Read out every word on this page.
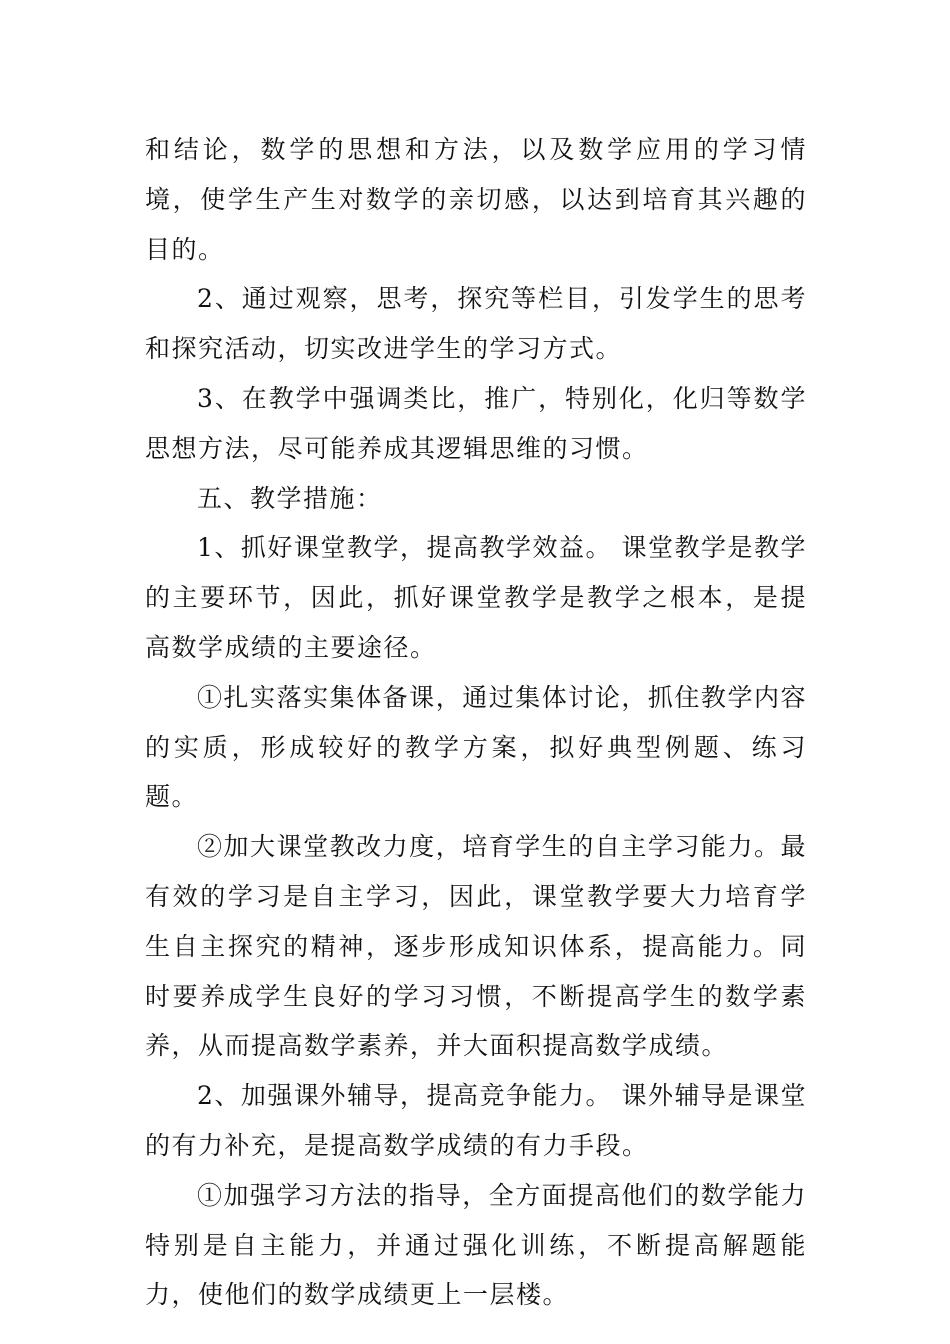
和结论，数学的思想和方法，以及数学应用的学习情境，使学生产生对数学的亲切感，以达到培育其兴趣的目的。

2、通过观察，思考，探究等栏目，引发学生的思考和探究活动，切实改进学生的学习方式。

3、在教学中强调类比，推广，特别化，化归等数学思想方法，尽可能养成其逻辑思维的习惯。

五、教学措施：

1、抓好课堂教学，提高教学效益。 课堂教学是教学的主要环节，因此，抓好课堂教学是教学之根本，是提高数学成绩的主要途径。

①扎实落实集体备课，通过集体讨论，抓住教学内容的实质，形成较好的教学方案，拟好典型例题、练习题。

②加大课堂教改力度，培育学生的自主学习能力。最有效的学习是自主学习，因此，课堂教学要大力培育学生自主探究的精神，逐步形成知识体系，提高能力。同时要养成学生良好的学习习惯，不断提高学生的数学素养，从而提高数学素养，并大面积提高数学成绩。

2、加强课外辅导，提高竞争能力。 课外辅导是课堂的有力补充，是提高数学成绩的有力手段。

①加强学习方法的指导，全方面提高他们的数学能力特别是自主能力，并通过强化训练，不断提高解题能力，使他们的数学成绩更上一层楼。
